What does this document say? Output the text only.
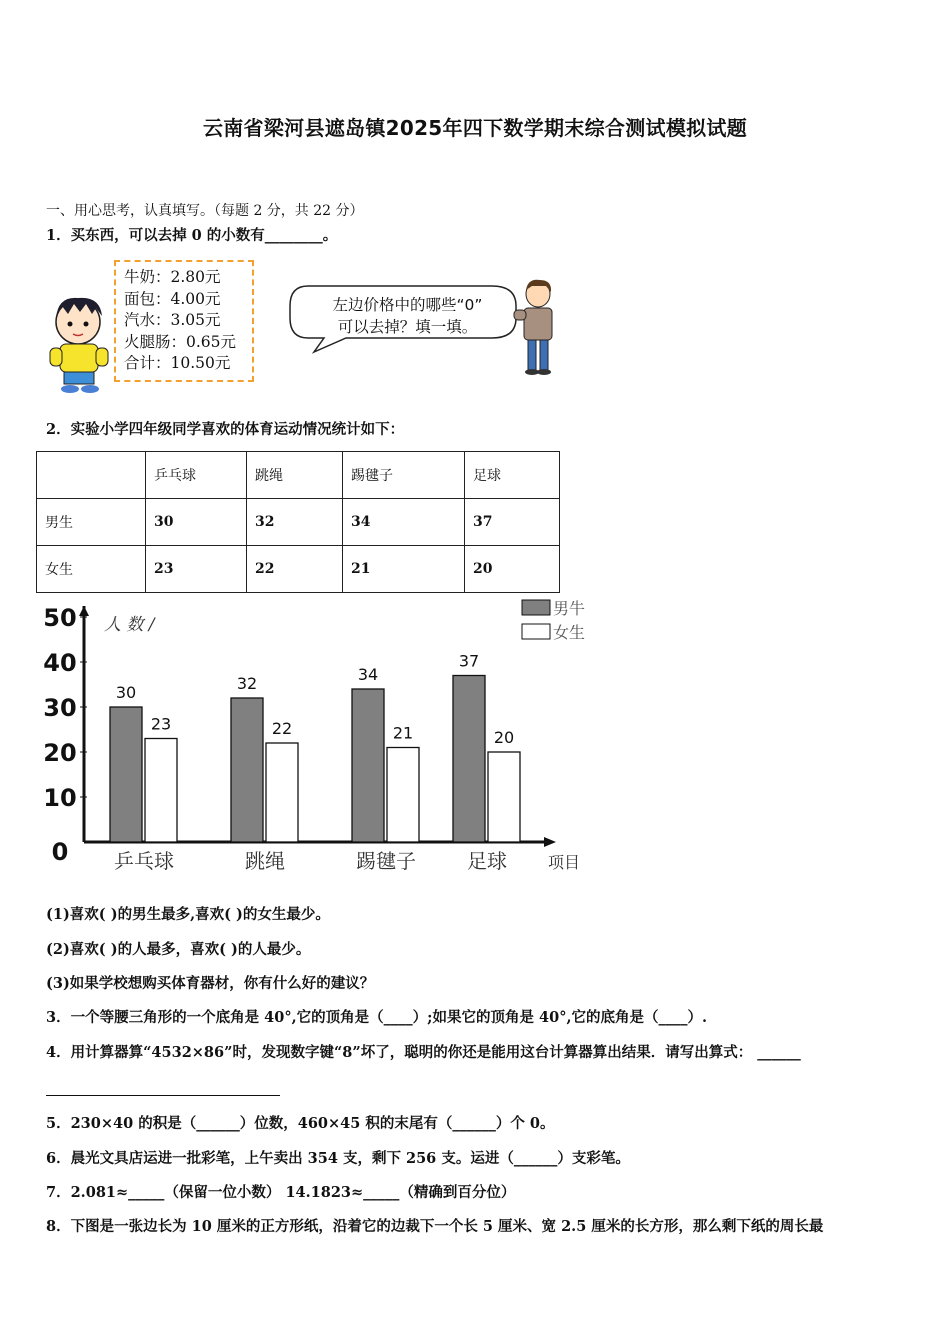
云南省梁河县遮岛镇2025年四下数学期末综合测试模拟试题
一、用心思考，认真填写。（每题 2 分，共 22 分）
1．买东西，可以去掉 0 的小数有________。
牛奶：2.80元
面包：4.00元
汽水：3.05元
火腿肠：0.65元
合计：10.50元
左边价格中的哪些“0”
可以去掉？填一填。
2．实验小学四年级同学喜欢的体育运动情况统计如下：
	乒乓球	跳绳	踢毽子	足球
男生	30	32	34	37
女生	23	22	21	20
0
10
20
30
40
50 人 数 /
30
23
乒乓球
32
22
跳绳
34
21
踢毽子
37
20
足球	项目
男牛
女生
(1)喜欢( )的男生最多,喜欢( )的女生最少。
(2)喜欢( )的人最多，喜欢( )的人最少。
(3)如果学校想购买体育器材，你有什么好的建议？
3．一个等腰三角形的一个底角是 40°,它的顶角是（____）;如果它的顶角是 40°,它的底角是（____）.
4．用计算器算“4532×86”时，发现数字键“8”坏了，聪明的你还是能用这台计算器算出结果．请写出算式： ______
5．230×40 的积是（______）位数，460×45 积的末尾有（______）个 0。
6．晨光文具店运进一批彩笔，上午卖出 354 支，剩下 256 支。运进（______）支彩笔。
7．2.081≈_____（保留一位小数） 14.1823≈_____（精确到百分位）
8．下图是一张边长为 10 厘米的正方形纸，沿着它的边裁下一个长 5 厘米、宽 2.5 厘米的长方形，那么剩下纸的周长最
